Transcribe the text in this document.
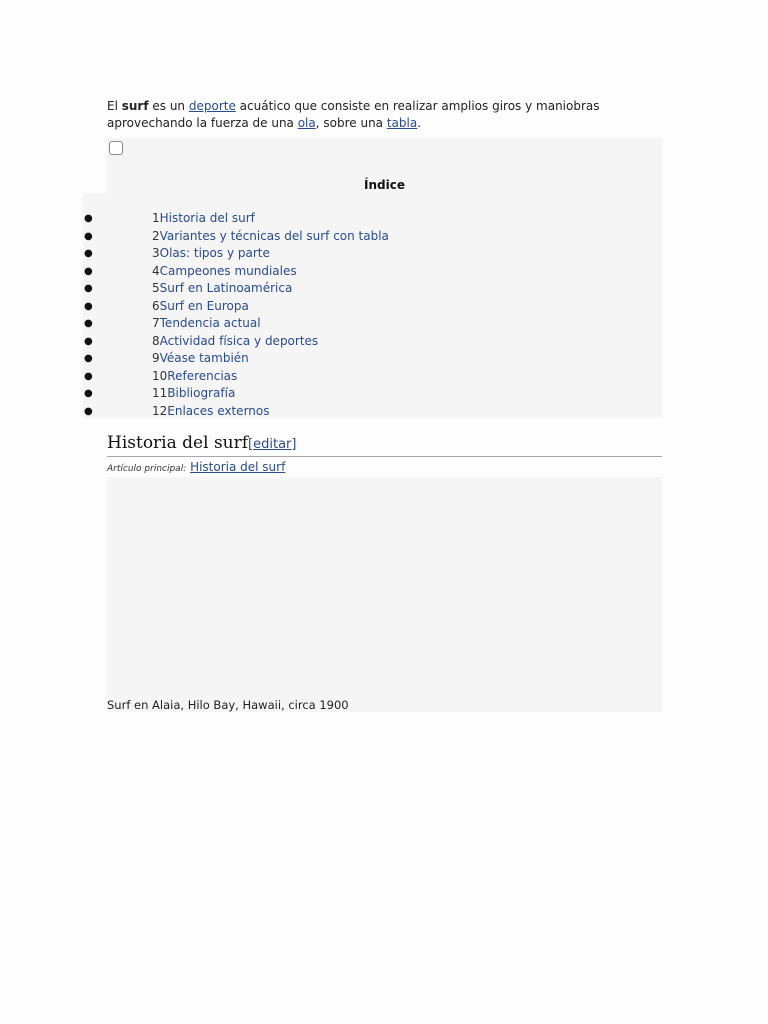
El surf es un deporte acuático que consiste en realizar amplios giros y maniobras aprovechando la fuerza de una ola, sobre una tabla.

Índice
●	1Historia del surf
●	2Variantes y técnicas del surf con tabla
●	3Olas: tipos y parte
●	4Campeones mundiales
●	5Surf en Latinoamérica
●	6Surf en Europa
●	7Tendencia actual
●	8Actividad física y deportes
●	9Véase también
●	10Referencias
●	11Bibliografía
●	12Enlaces externos
Historia del surf[editar]
Artículo principal: Historia del surf
Surf en Alaia, Hilo Bay, Hawaii, circa 1900
